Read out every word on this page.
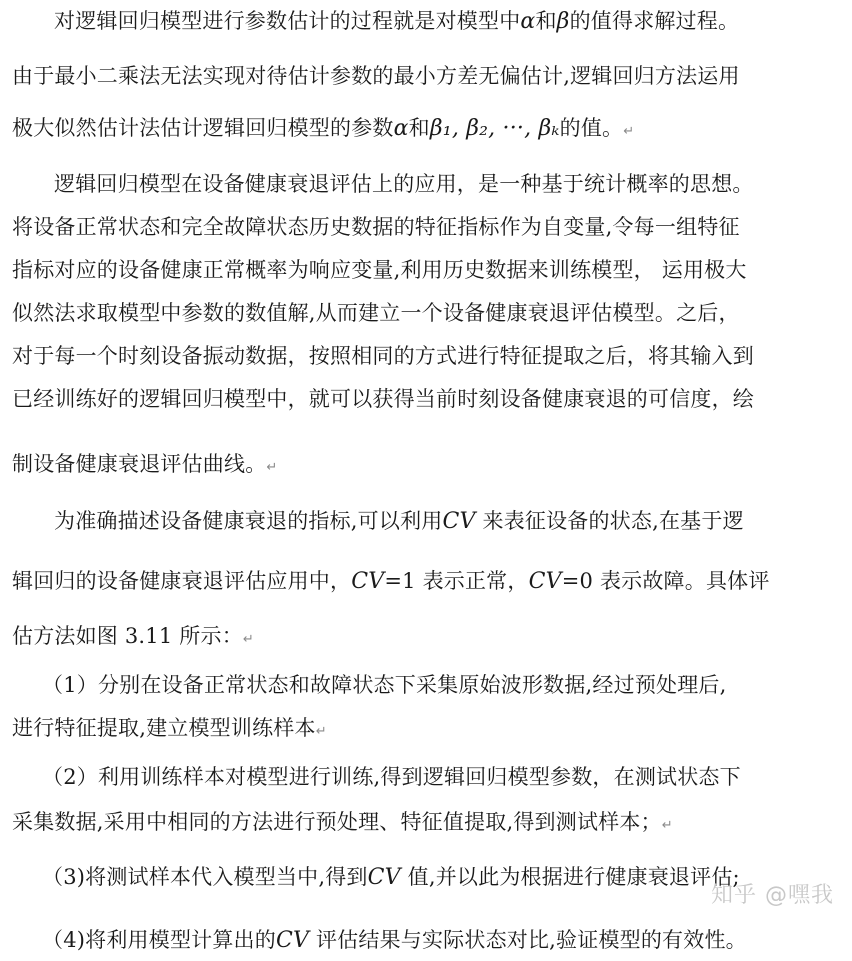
对逻辑回归模型进行参数估计的过程就是对模型中α和β的值得求解过程。
由于最小二乘法无法实现对待估计参数的最小方差无偏估计,逻辑回归方法运用
极大似然估计法估计逻辑回归模型的参数α和β₁, β₂, ···, βₖ的值。↵
逻辑回归模型在设备健康衰退评估上的应用，是一种基于统计概率的思想。
将设备正常状态和完全故障状态历史数据的特征指标作为自变量,令每一组特征
指标对应的设备健康正常概率为响应变量,利用历史数据来训练模型， 运用极大
似然法求取模型中参数的数值解,从而建立一个设备健康衰退评估模型。之后，
对于每一个时刻设备振动数据，按照相同的方式进行特征提取之后，将其输入到
已经训练好的逻辑回归模型中，就可以获得当前时刻设备健康衰退的可信度，绘
制设备健康衰退评估曲线。↵
为准确描述设备健康衰退的指标,可以利用CV 来表征设备的状态,在基于逻
辑回归的设备健康衰退评估应用中，CV=1 表示正常，CV=0 表示故障。具体评
估方法如图 3.11 所示：↵
（1）分别在设备正常状态和故障状态下采集原始波形数据,经过预处理后,
进行特征提取,建立模型训练样本↵
（2）利用训练样本对模型进行训练,得到逻辑回归模型参数，在测试状态下
采集数据,采用中相同的方法进行预处理、特征值提取,得到测试样本；↵
（3)将测试样本代入模型当中,得到CV 值,并以此为根据进行健康衰退评估;
（4)将利用模型计算出的CV 评估结果与实际状态对比,验证模型的有效性。
知乎 @嘿我
